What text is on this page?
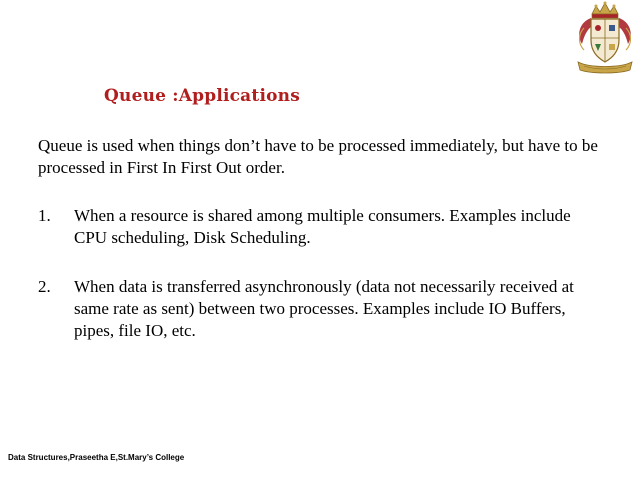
Queue :Applications

Queue is used when things don’t have to be processed immediately, but have to be processed in First In First Out order.

1. When a resource is shared among multiple consumers. Examples include CPU scheduling, Disk Scheduling.

2. When data is transferred asynchronously (data not necessarily received at same rate as sent) between two processes. Examples include IO Buffers, pipes, file IO, etc.

Data Structures,Praseetha E,St.Mary’s College
